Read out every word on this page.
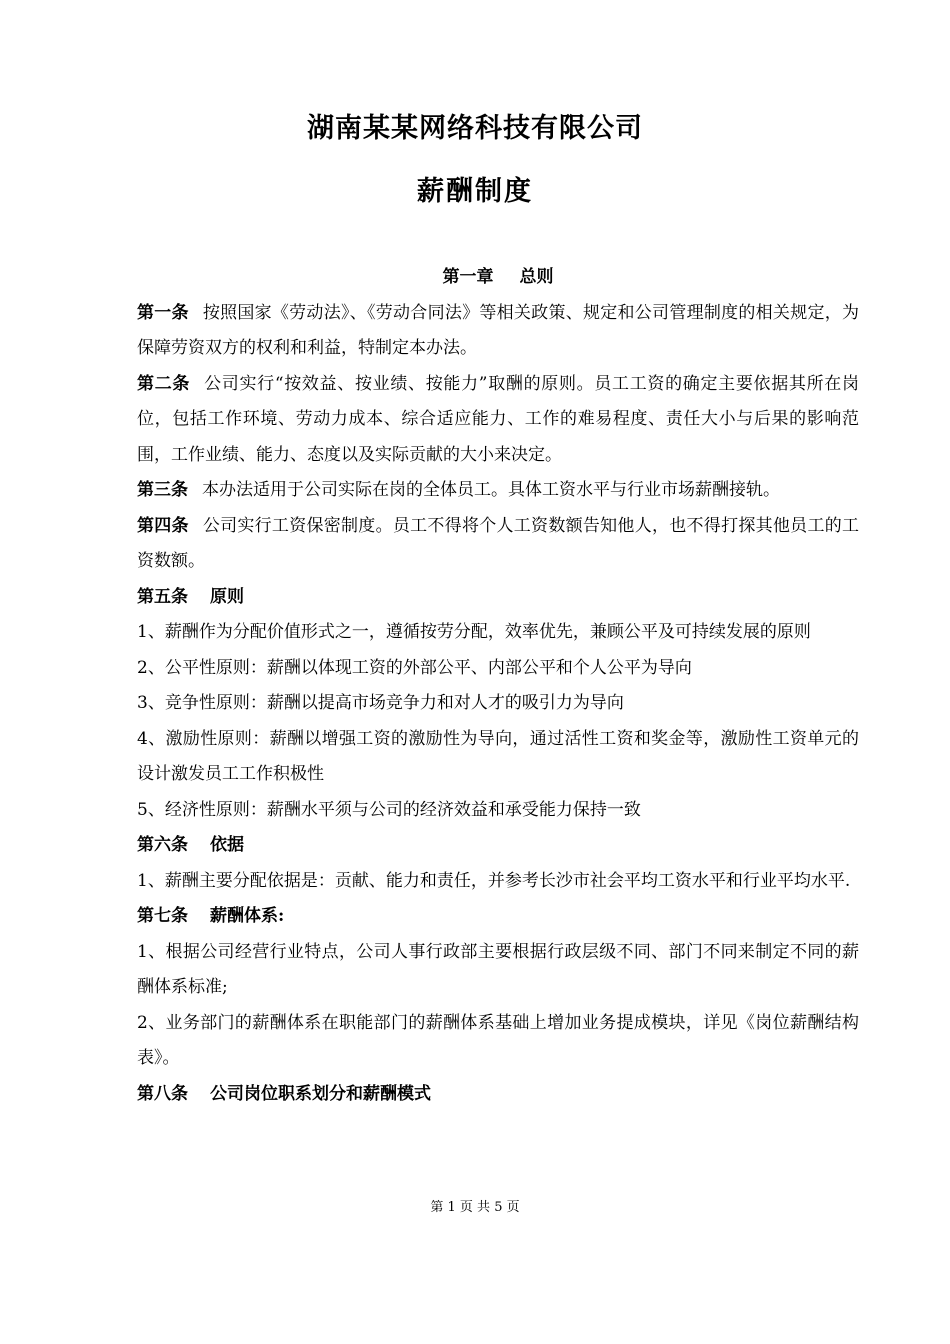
湖南某某网络科技有限公司
薪酬制度

第一章 总则

第一条 按照国家《劳动法》、《劳动合同法》等相关政策、规定和公司管理制度的相关规定，为保障劳资双方的权利和利益，特制定本办法。

第二条 公司实行“按效益、按业绩、按能力”取酬的原则。员工工资的确定主要依据其所在岗位，包括工作环境、劳动力成本、综合适应能力、工作的难易程度、责任大小与后果的影响范围，工作业绩、能力、态度以及实际贡献的大小来决定。

第三条 本办法适用于公司实际在岗的全体员工。具体工资水平与行业市场薪酬接轨。

第四条 公司实行工资保密制度。员工不得将个人工资数额告知他人，也不得打探其他员工的工资数额。

第五条 原则

1、薪酬作为分配价值形式之一，遵循按劳分配，效率优先，兼顾公平及可持续发展的原则

2、公平性原则：薪酬以体现工资的外部公平、内部公平和个人公平为导向

3、竞争性原则：薪酬以提高市场竞争力和对人才的吸引力为导向

4、激励性原则：薪酬以增强工资的激励性为导向，通过活性工资和奖金等，激励性工资单元的设计激发员工工作积极性

5、经济性原则：薪酬水平须与公司的经济效益和承受能力保持一致

第六条 依据

1、薪酬主要分配依据是：贡献、能力和责任，并参考长沙市社会平均工资水平和行业平均水平.

第七条 薪酬体系:

1、根据公司经营行业特点，公司人事行政部主要根据行政层级不同、部门不同来制定不同的薪酬体系标准;

2、业务部门的薪酬体系在职能部门的薪酬体系基础上增加业务提成模块，详见《岗位薪酬结构表》。

第八条 公司岗位职系划分和薪酬模式

第 1 页 共 5 页
